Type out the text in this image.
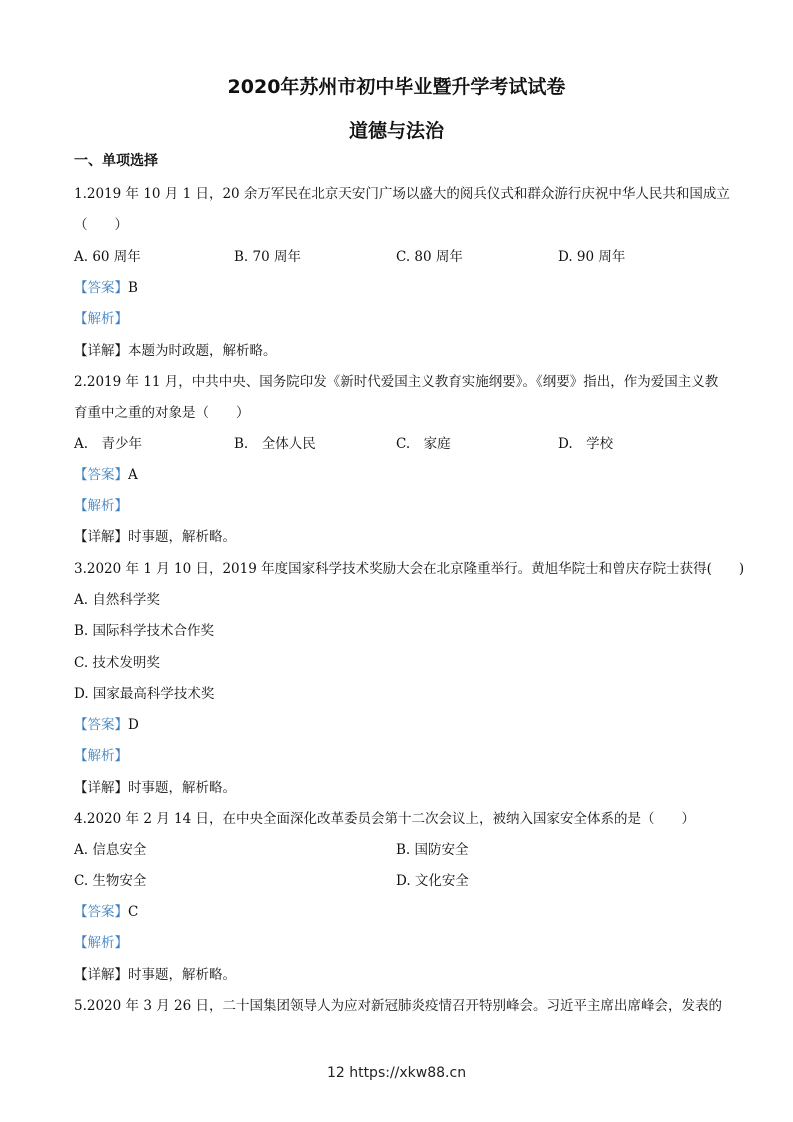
2020年苏州市初中毕业暨升学考试试卷
道德与法治
一、单项选择
1.2019 年 10 月 1 日，20 余万军民在北京天安门广场以盛大的阅兵仪式和群众游行庆祝中华人民共和国成立
（　　）
A. 60 周年	B. 70 周年	C. 80 周年	D. 90 周年
【答案】B
【解析】
【详解】本题为时政题，解析略。
2.2019 年 11 月，中共中央、国务院印发《新时代爱国主义教育实施纲要》。《纲要》指出，作为爱国主义教
育重中之重的对象是（　　）
A.　青少年	B.　全体人民	C.　家庭	D.　学校
【答案】A
【解析】
【详解】时事题，解析略。
3.2020 年 1 月 10 日，2019 年度国家科学技术奖励大会在北京隆重举行。黄旭华院士和曾庆存院士获得(　　)
A. 自然科学奖
B. 国际科学技术合作奖
C. 技术发明奖
D. 国家最高科学技术奖
【答案】D
【解析】
【详解】时事题，解析略。
4.2020 年 2 月 14 日，在中央全面深化改革委员会第十二次会议上，被纳入国家安全体系的是（　　）
A. 信息安全	B. 国防安全
C. 生物安全	D. 文化安全
【答案】C
【解析】
【详解】时事题，解析略。
5.2020 年 3 月 26 日，二十国集团领导人为应对新冠肺炎疫情召开特别峰会。习近平主席出席峰会，发表的
12 https://xkw88.cn
